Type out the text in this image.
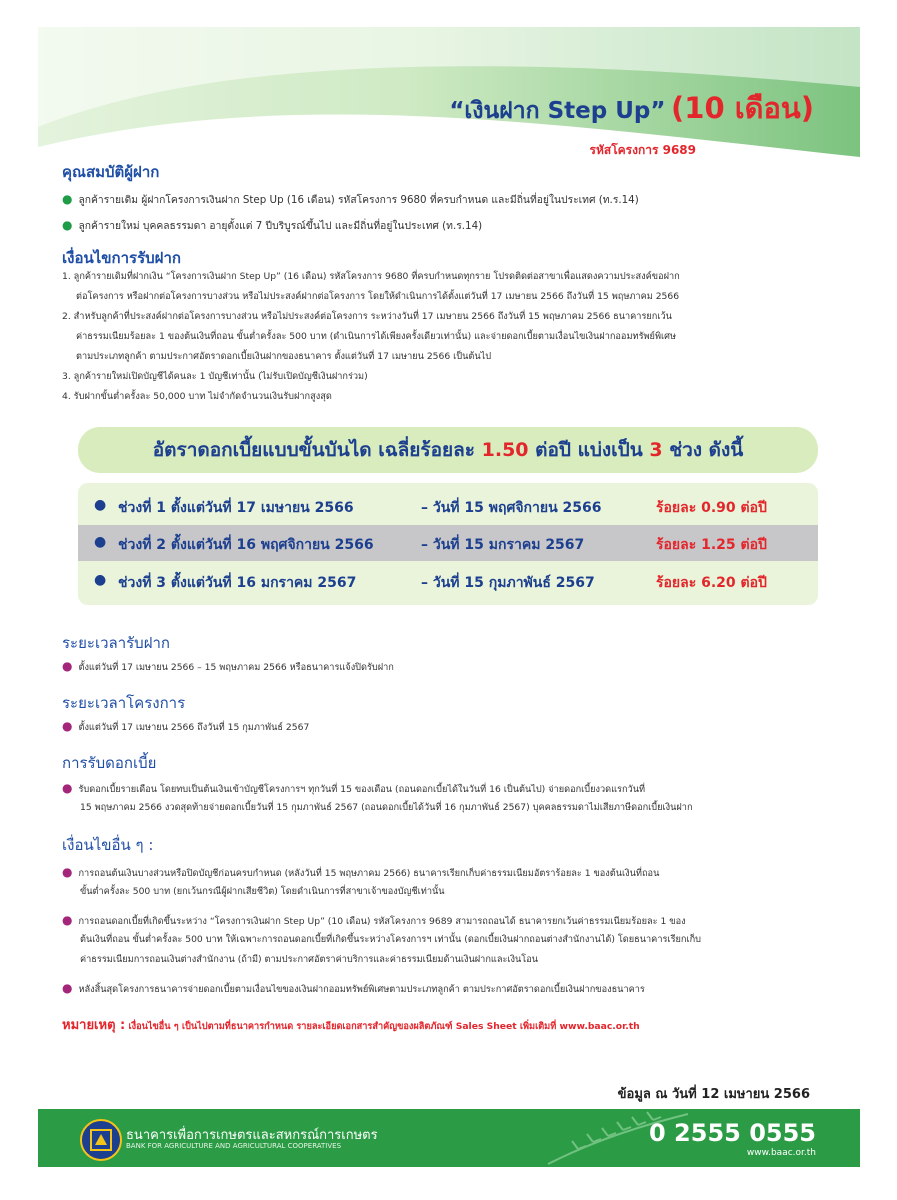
“เงินฝาก Step Up” (10 เดือน)
รหัสโครงการ 9689
คุณสมบัติผู้ฝาก
● ลูกค้ารายเดิม ผู้ฝากโครงการเงินฝาก Step Up (16 เดือน) รหัสโครงการ 9680 ที่ครบกำหนด และมีถิ่นที่อยู่ในประเทศ (ท.ร.14)
● ลูกค้ารายใหม่ บุคคลธรรมดา อายุตั้งแต่ 7 ปีบริบูรณ์ขึ้นไป และมีถิ่นที่อยู่ในประเทศ (ท.ร.14)
เงื่อนไขการรับฝาก
1. ลูกค้ารายเดิมที่ฝากเงิน “โครงการเงินฝาก Step Up” (16 เดือน) รหัสโครงการ 9680 ที่ครบกำหนดทุกราย โปรดติดต่อสาขาเพื่อแสดงความประสงค์ขอฝาก
ต่อโครงการ หรือฝากต่อโครงการบางส่วน หรือไม่ประสงค์ฝากต่อโครงการ โดยให้ดำเนินการได้ตั้งแต่วันที่ 17 เมษายน 2566 ถึงวันที่ 15 พฤษภาคม 2566
2. สำหรับลูกค้าที่ประสงค์ฝากต่อโครงการบางส่วน หรือไม่ประสงค์ต่อโครงการ ระหว่างวันที่ 17 เมษายน 2566 ถึงวันที่ 15 พฤษภาคม 2566 ธนาคารยกเว้น
ค่าธรรมเนียมร้อยละ 1 ของต้นเงินที่ถอน ขั้นต่ำครั้งละ 500 บาท (ดำเนินการได้เพียงครั้งเดียวเท่านั้น) และจ่ายดอกเบี้ยตามเงื่อนไขเงินฝากออมทรัพย์พิเศษ
ตามประเภทลูกค้า ตามประกาศอัตราดอกเบี้ยเงินฝากของธนาคาร ตั้งแต่วันที่ 17 เมษายน 2566 เป็นต้นไป
3. ลูกค้ารายใหม่เปิดบัญชีได้คนละ 1 บัญชีเท่านั้น (ไม่รับเปิดบัญชีเงินฝากร่วม)
4. รับฝากขั้นต่ำครั้งละ 50,000 บาท ไม่จำกัดจำนวนเงินรับฝากสูงสุด
อัตราดอกเบี้ยแบบขั้นบันได เฉลี่ยร้อยละ 1.50 ต่อปี แบ่งเป็น 3 ช่วง ดังนี้
● ช่วงที่ 1 ตั้งแต่วันที่ 17 เมษายน 2566	– วันที่ 15 พฤศจิกายน 2566	ร้อยละ 0.90 ต่อปี
● ช่วงที่ 2 ตั้งแต่วันที่ 16 พฤศจิกายน 2566	– วันที่ 15 มกราคม 2567	ร้อยละ 1.25 ต่อปี
● ช่วงที่ 3 ตั้งแต่วันที่ 16 มกราคม 2567	– วันที่ 15 กุมภาพันธ์ 2567	ร้อยละ 6.20 ต่อปี
ระยะเวลารับฝาก
● ตั้งแต่วันที่ 17 เมษายน 2566 – 15 พฤษภาคม 2566 หรือธนาคารแจ้งปิดรับฝาก
ระยะเวลาโครงการ
● ตั้งแต่วันที่ 17 เมษายน 2566 ถึงวันที่ 15 กุมภาพันธ์ 2567
การรับดอกเบี้ย
● รับดอกเบี้ยรายเดือน โดยทบเป็นต้นเงินเข้าบัญชีโครงการฯ ทุกวันที่ 15 ของเดือน (ถอนดอกเบี้ยได้ในวันที่ 16 เป็นต้นไป) จ่ายดอกเบี้ยงวดแรกวันที่
15 พฤษภาคม 2566 งวดสุดท้ายจ่ายดอกเบี้ยวันที่ 15 กุมภาพันธ์ 2567 (ถอนดอกเบี้ยได้วันที่ 16 กุมภาพันธ์ 2567) บุคคลธรรมดาไม่เสียภาษีดอกเบี้ยเงินฝาก
เงื่อนไขอื่น ๆ :
● การถอนต้นเงินบางส่วนหรือปิดบัญชีก่อนครบกำหนด (หลังวันที่ 15 พฤษภาคม 2566) ธนาคารเรียกเก็บค่าธรรมเนียมอัตราร้อยละ 1 ของต้นเงินที่ถอน
ขั้นต่ำครั้งละ 500 บาท (ยกเว้นกรณีผู้ฝากเสียชีวิต) โดยดำเนินการที่สาขาเจ้าของบัญชีเท่านั้น
● การถอนดอกเบี้ยที่เกิดขึ้นระหว่าง “โครงการเงินฝาก Step Up” (10 เดือน) รหัสโครงการ 9689 สามารถถอนได้ ธนาคารยกเว้นค่าธรรมเนียมร้อยละ 1 ของ
ต้นเงินที่ถอน ขั้นต่ำครั้งละ 500 บาท ให้เฉพาะการถอนดอกเบี้ยที่เกิดขึ้นระหว่างโครงการฯ เท่านั้น (ดอกเบี้ยเงินฝากถอนต่างสำนักงานได้) โดยธนาคารเรียกเก็บ
ค่าธรรมเนียมการถอนเงินต่างสำนักงาน (ถ้ามี) ตามประกาศอัตราค่าบริการและค่าธรรมเนียมด้านเงินฝากและเงินโอน
● หลังสิ้นสุดโครงการธนาคารจ่ายดอกเบี้ยตามเงื่อนไขของเงินฝากออมทรัพย์พิเศษตามประเภทลูกค้า ตามประกาศอัตราดอกเบี้ยเงินฝากของธนาคาร
หมายเหตุ : เงื่อนไขอื่น ๆ เป็นไปตามที่ธนาคารกำหนด รายละเอียดเอกสารสำคัญของผลิตภัณฑ์ Sales Sheet เพิ่มเติมที่ www.baac.or.th
ข้อมูล ณ วันที่ 12 เมษายน 2566
ธนาคารเพื่อการเกษตรและสหกรณ์การเกษตร
BANK FOR AGRICULTURE AND AGRICULTURAL COOPERATIVES	0 2555 0555
www.baac.or.th
